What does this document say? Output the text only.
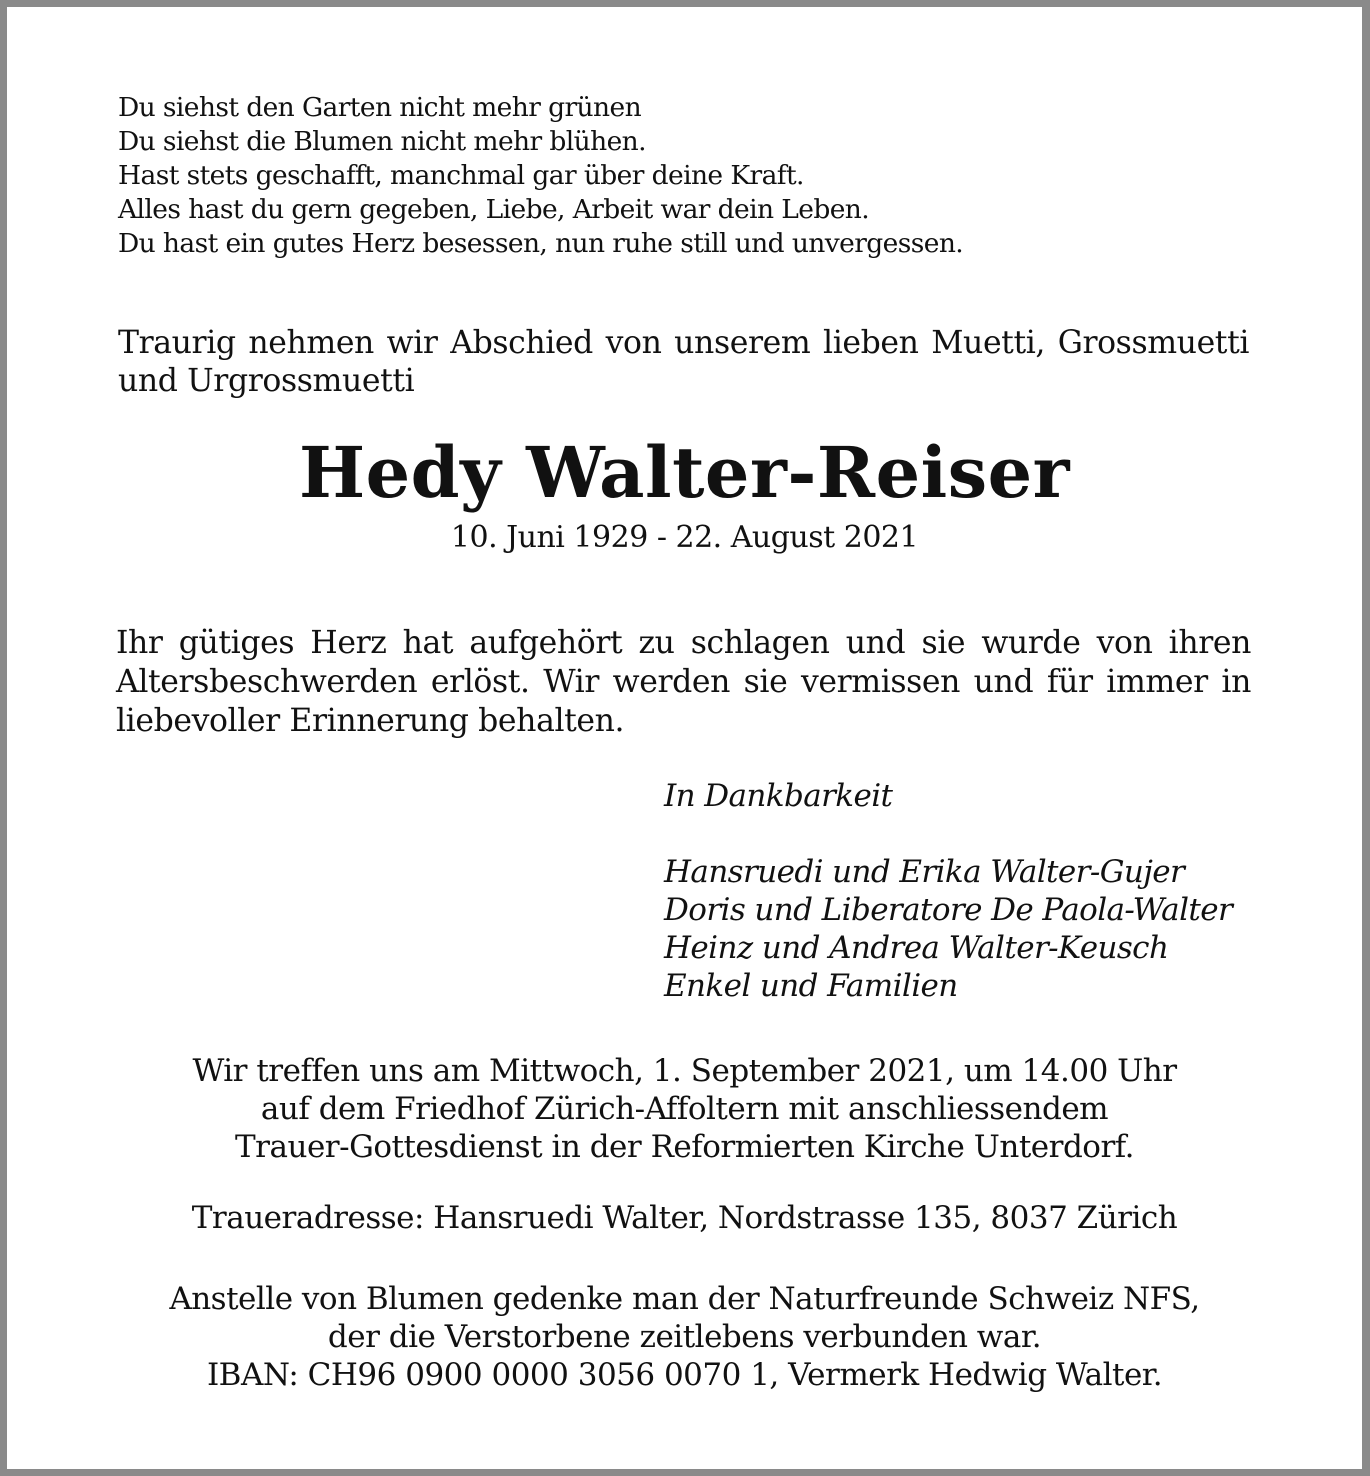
Du siehst den Garten nicht mehr grünen
Du siehst die Blumen nicht mehr blühen.
Hast stets geschafft, manchmal gar über deine Kraft.
Alles hast du gern gegeben, Liebe, Arbeit war dein Leben.
Du hast ein gutes Herz besessen, nun ruhe still und unvergessen.
Traurig nehmen wir Abschied von unserem lieben Muetti, Grossmuetti und Urgrossmuetti
Hedy Walter-Reiser
10. Juni 1929 - 22. August 2021
Ihr gütiges Herz hat aufgehört zu schlagen und sie wurde von ihren Altersbeschwerden erlöst. Wir werden sie vermissen und für immer in liebevoller Erinnerung behalten.
In Dankbarkeit
Hansruedi und Erika Walter-Gujer
Doris und Liberatore De Paola-Walter
Heinz und Andrea Walter-Keusch
Enkel und Familien
Wir treffen uns am Mittwoch, 1. September 2021, um 14.00 Uhr
auf dem Friedhof Zürich-Affoltern mit anschliessendem
Trauer-Gottesdienst in der Reformierten Kirche Unterdorf.
Traueradresse: Hansruedi Walter, Nordstrasse 135, 8037 Zürich
Anstelle von Blumen gedenke man der Naturfreunde Schweiz NFS,
der die Verstorbene zeitlebens verbunden war.
IBAN: CH96 0900 0000 3056 0070 1, Vermerk Hedwig Walter.
